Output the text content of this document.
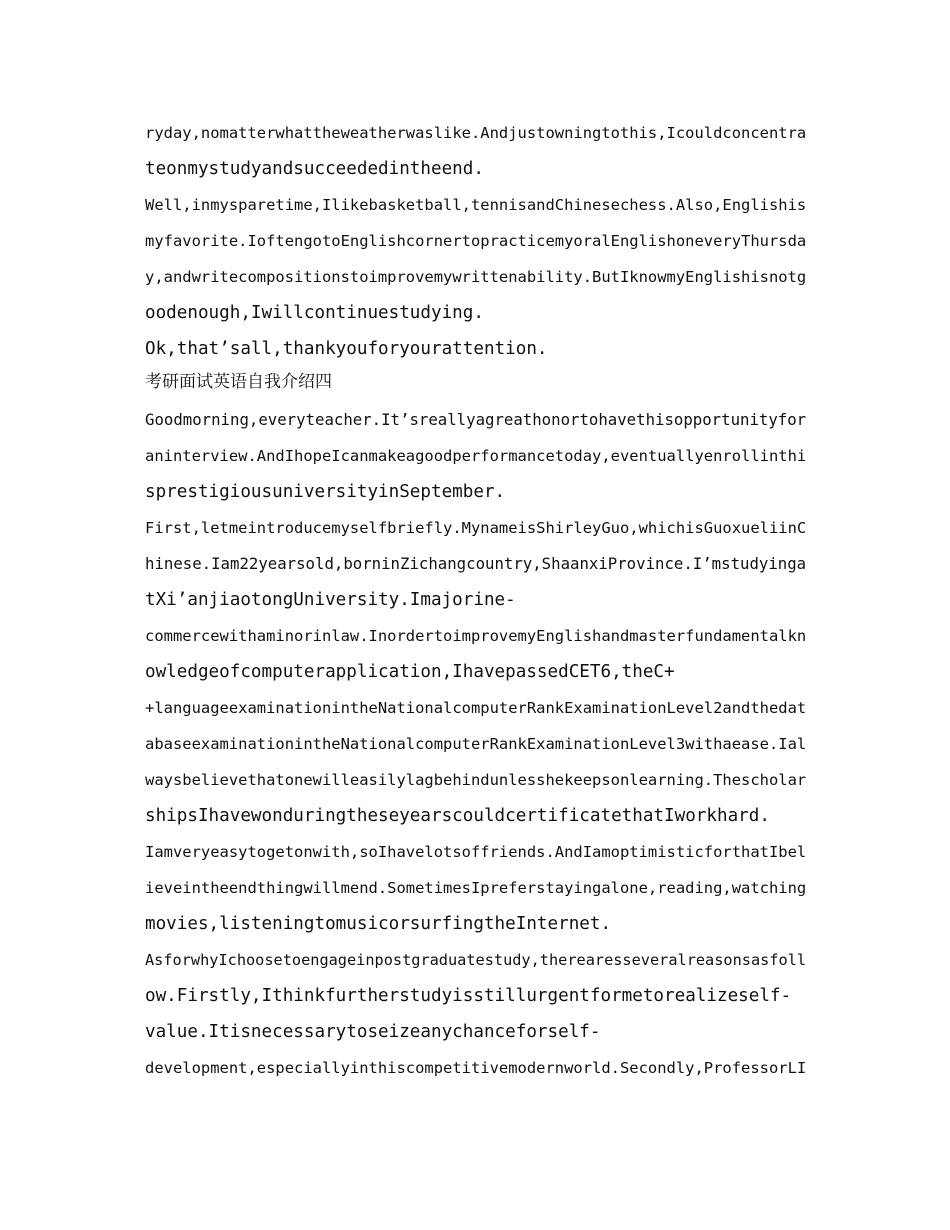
ryday,nomatterwhattheweatherwaslike.Andjustowningtothis,Icouldconcentra
teonmystudyandsucceededintheend.
Well,inmysparetime,Ilikebasketball,tennisandChinesechess.Also,Englishis
myfavorite.IoftengotoEnglishcornertopracticemyoralEnglishoneveryThursda
y,andwritecompositionstoimprovemywrittenability.ButIknowmyEnglishisnotg
oodenough,Iwillcontinuestudying.
Ok,that’sall,thankyouforyourattention.
考研面试英语自我介绍四
Goodmorning,everyteacher.It’sreallyagreathonortohavethisopportunityfor
aninterview.AndIhopeIcanmakeagoodperformancetoday,eventuallyenrollinthi
sprestigiousuniversityinSeptember.
First,letmeintroducemyselfbriefly.MynameisShirleyGuo,whichisGuoxueliinC
hinese.Iam22yearsold,borninZichangcountry,ShaanxiProvince.I’mstudyinga
tXi’anjiaotongUniversity.Imajorine-
commercewithaminorinlaw.InordertoimprovemyEnglishandmasterfundamentalkn
owledgeofcomputerapplication,IhavepassedCET6,theC+
+languageexaminationintheNationalcomputerRankExaminationLevel2andthedat
abaseexaminationintheNationalcomputerRankExaminationLevel3withaease.Ial
waysbelievethatonewilleasilylagbehindunlesshekeepsonlearning.Thescholar
shipsIhavewonduringtheseyearscouldcertificatethatIworkhard.
Iamveryeasytogetonwith,soIhavelotsoffriends.AndIamoptimisticforthatIbel
ieveintheendthingwillmend.SometimesIpreferstayingalone,reading,watching
movies,listeningtomusicorsurfingtheInternet.
AsforwhyIchoosetoengageinpostgraduatestudy,therearesseveralreasonsasfoll
ow.Firstly,Ithinkfurtherstudyisstillurgentformetorealizeself-
value.Itisnecessarytoseizeanychanceforself-
development,especiallyinthiscompetitivemodernworld.Secondly,ProfessorLI
